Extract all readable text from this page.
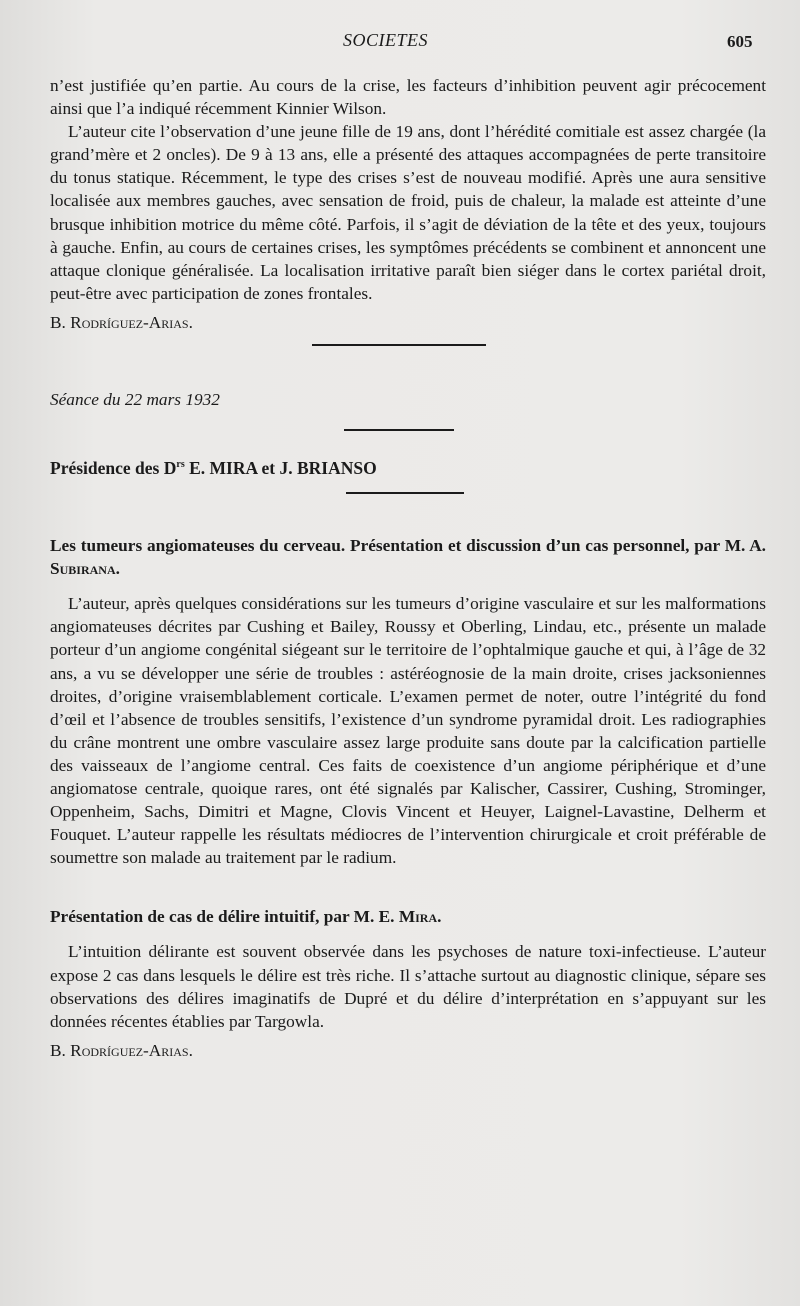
SOCIETES	605

n’est justifiée qu’en partie. Au cours de la crise, les facteurs d’inhibition peuvent agir précocement ainsi que l’a indiqué récemment Kinnier Wilson.

L’auteur cite l’observation d’une jeune fille de 19 ans, dont l’hérédité comitiale est assez chargée (la grand’mère et 2 oncles). De 9 à 13 ans, elle a présenté des attaques accompagnées de perte transitoire du tonus statique. Récemment, le type des crises s’est de nouveau modifié. Après une aura sensitive localisée aux membres gauches, avec sensation de froid, puis de chaleur, la malade est atteinte d’une brusque inhibition motrice du même côté. Parfois, il s’agit de déviation de la tête et des yeux, toujours à gauche. Enfin, au cours de certaines crises, les symptômes précédents se combinent et annoncent une attaque clonique généralisée. La localisation irritative paraît bien siéger dans le cortex pariétal droit, peut-être avec participation de zones frontales.

B. Rodríguez-Arias.

Séance du 22 mars 1932

Présidence des $D^{rs}$ E. MIRA et J. BRIANSO

Les tumeurs angiomateuses du cerveau. Présentation et discussion d’un cas personnel, par M. A. Subirana.

L’auteur, après quelques considérations sur les tumeurs d’origine vasculaire et sur les malformations angiomateuses décrites par Cushing et Bailey, Roussy et Oberling, Lindau, etc., présente un malade porteur d’un angiome congénital siégeant sur le territoire de l’ophtalmique gauche et qui, à l’âge de 32 ans, a vu se développer une série de troubles : astéréognosie de la main droite, crises jacksoniennes droites, d’origine vraisemblablement corticale. L’examen permet de noter, outre l’intégrité du fond d’œil et l’absence de troubles sensitifs, l’existence d’un syndrome pyramidal droit. Les radiographies du crâne montrent une ombre vasculaire assez large produite sans doute par la calcification partielle des vaisseaux de l’angiome central. Ces faits de coexistence d’un angiome périphérique et d’une angiomatose centrale, quoique rares, ont été signalés par Kalischer, Cassirer, Cushing, Strominger, Oppenheim, Sachs, Dimitri et Magne, Clovis Vincent et Heuyer, Laignel-Lavastine, Delherm et Fouquet. L’auteur rappelle les résultats médiocres de l’intervention chirurgicale et croit préférable de soumettre son malade au traitement par le radium.

Présentation de cas de délire intuitif, par M. E. Mira.

L’intuition délirante est souvent observée dans les psychoses de nature toxi-infectieuse. L’auteur expose 2 cas dans lesquels le délire est très riche. Il s’attache surtout au diagnostic clinique, sépare ses observations des délires imaginatifs de Dupré et du délire d’interprétation en s’appuyant sur les données récentes établies par Targowla.

B. Rodríguez-Arias.
